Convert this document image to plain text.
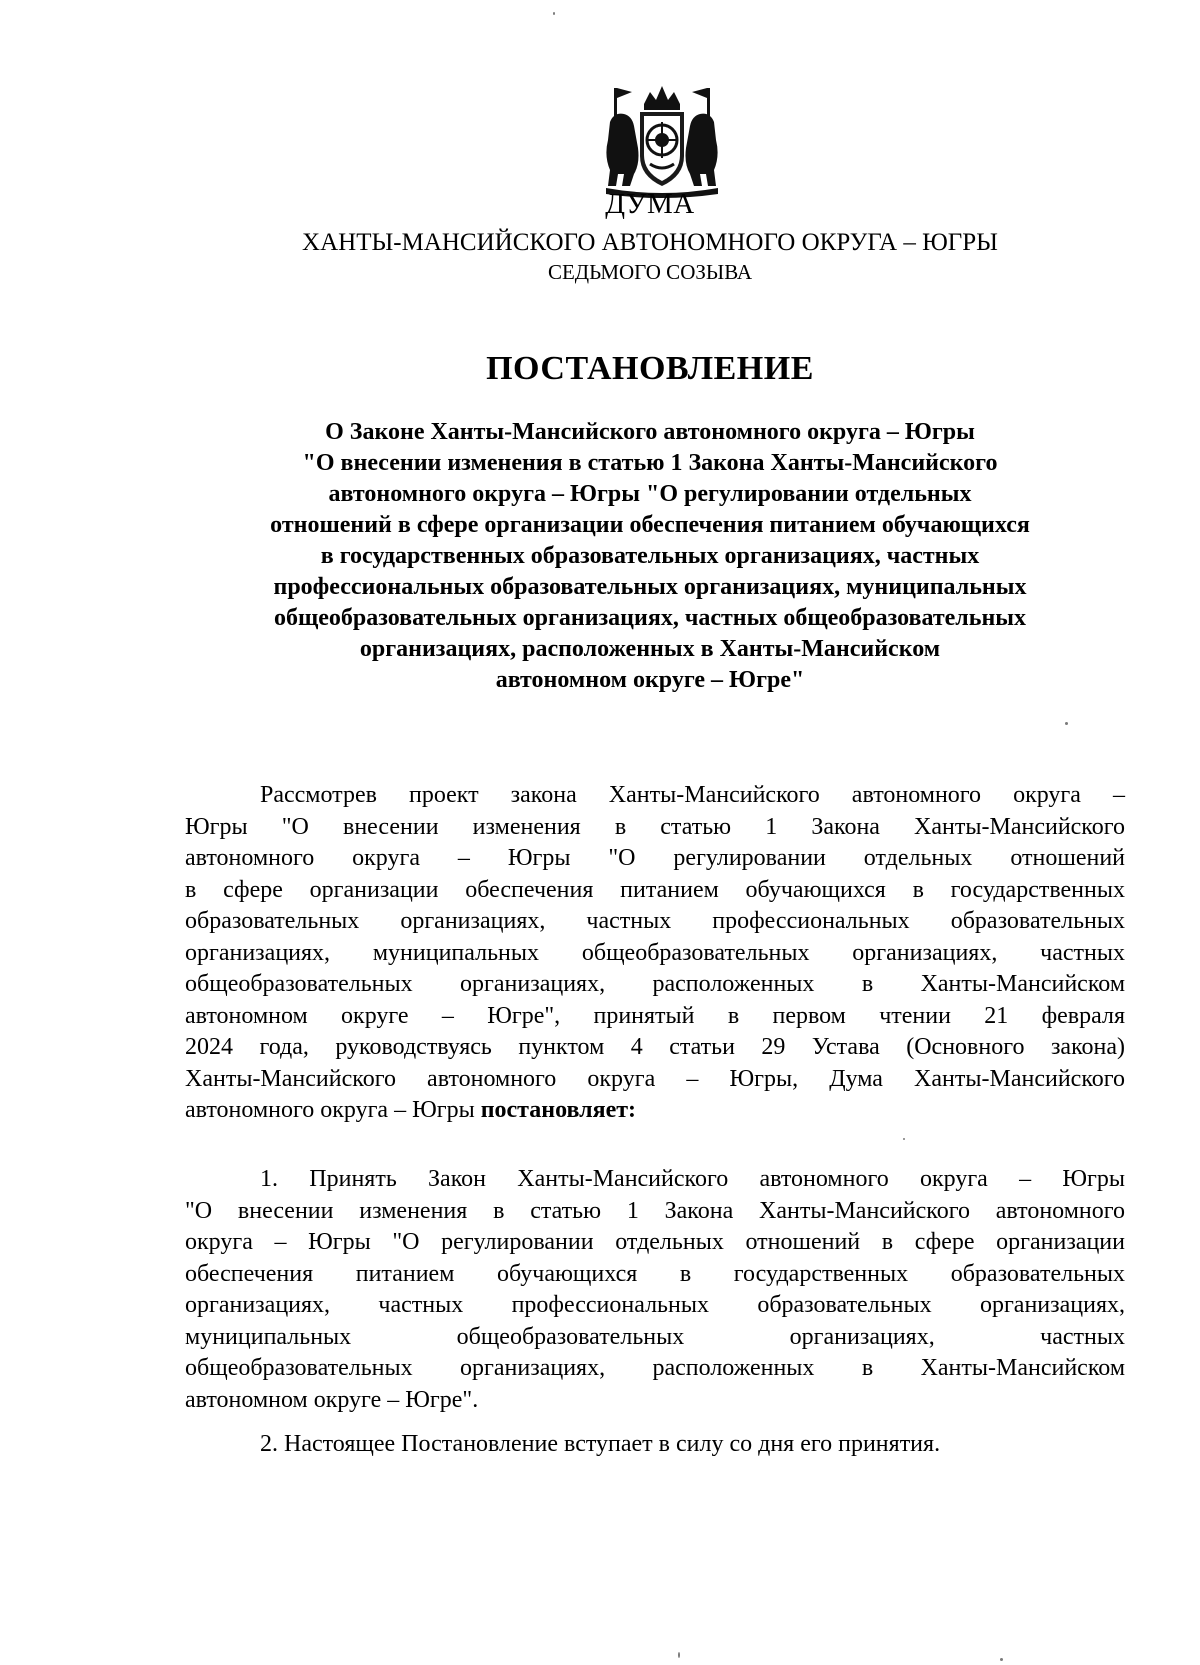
ДУМА
ХАНТЫ-МАНСИЙСКОГО АВТОНОМНОГО ОКРУГА – ЮГРЫ
СЕДЬМОГО СОЗЫВА
ПОСТАНОВЛЕНИЕ
О Законе Ханты-Мансийского автономного округа – Югры
"О внесении изменения в статью 1 Закона Ханты-Мансийского
автономного округа – Югры "О регулировании отдельных
отношений в сфере организации обеспечения питанием обучающихся
в государственных образовательных организациях, частных
профессиональных образовательных организациях, муниципальных
общеобразовательных организациях, частных общеобразовательных
организациях, расположенных в Ханты-Мансийском
автономном округе – Югре"
Рассмотрев проект закона Ханты-Мансийского автономного округа –
Югры "О внесении изменения в статью 1 Закона Ханты-Мансийского
автономного округа – Югры "О регулировании отдельных отношений
в сфере организации обеспечения питанием обучающихся в государственных
образовательных организациях, частных профессиональных образовательных
организациях, муниципальных общеобразовательных организациях, частных
общеобразовательных организациях, расположенных в Ханты-Мансийском
автономном округе – Югре", принятый в первом чтении 21 февраля
2024 года, руководствуясь пунктом 4 статьи 29 Устава (Основного закона)
Ханты-Мансийского автономного округа – Югры, Дума Ханты-Мансийского
автономного округа – Югры постановляет:
1. Принять Закон Ханты-Мансийского автономного округа – Югры
"О внесении изменения в статью 1 Закона Ханты-Мансийского автономного
округа – Югры "О регулировании отдельных отношений в сфере организации
обеспечения питанием обучающихся в государственных образовательных
организациях, частных профессиональных образовательных организациях,
муниципальных общеобразовательных организациях, частных
общеобразовательных организациях, расположенных в Ханты-Мансийском
автономном округе – Югре".
2. Настоящее Постановление вступает в силу со дня его принятия.
